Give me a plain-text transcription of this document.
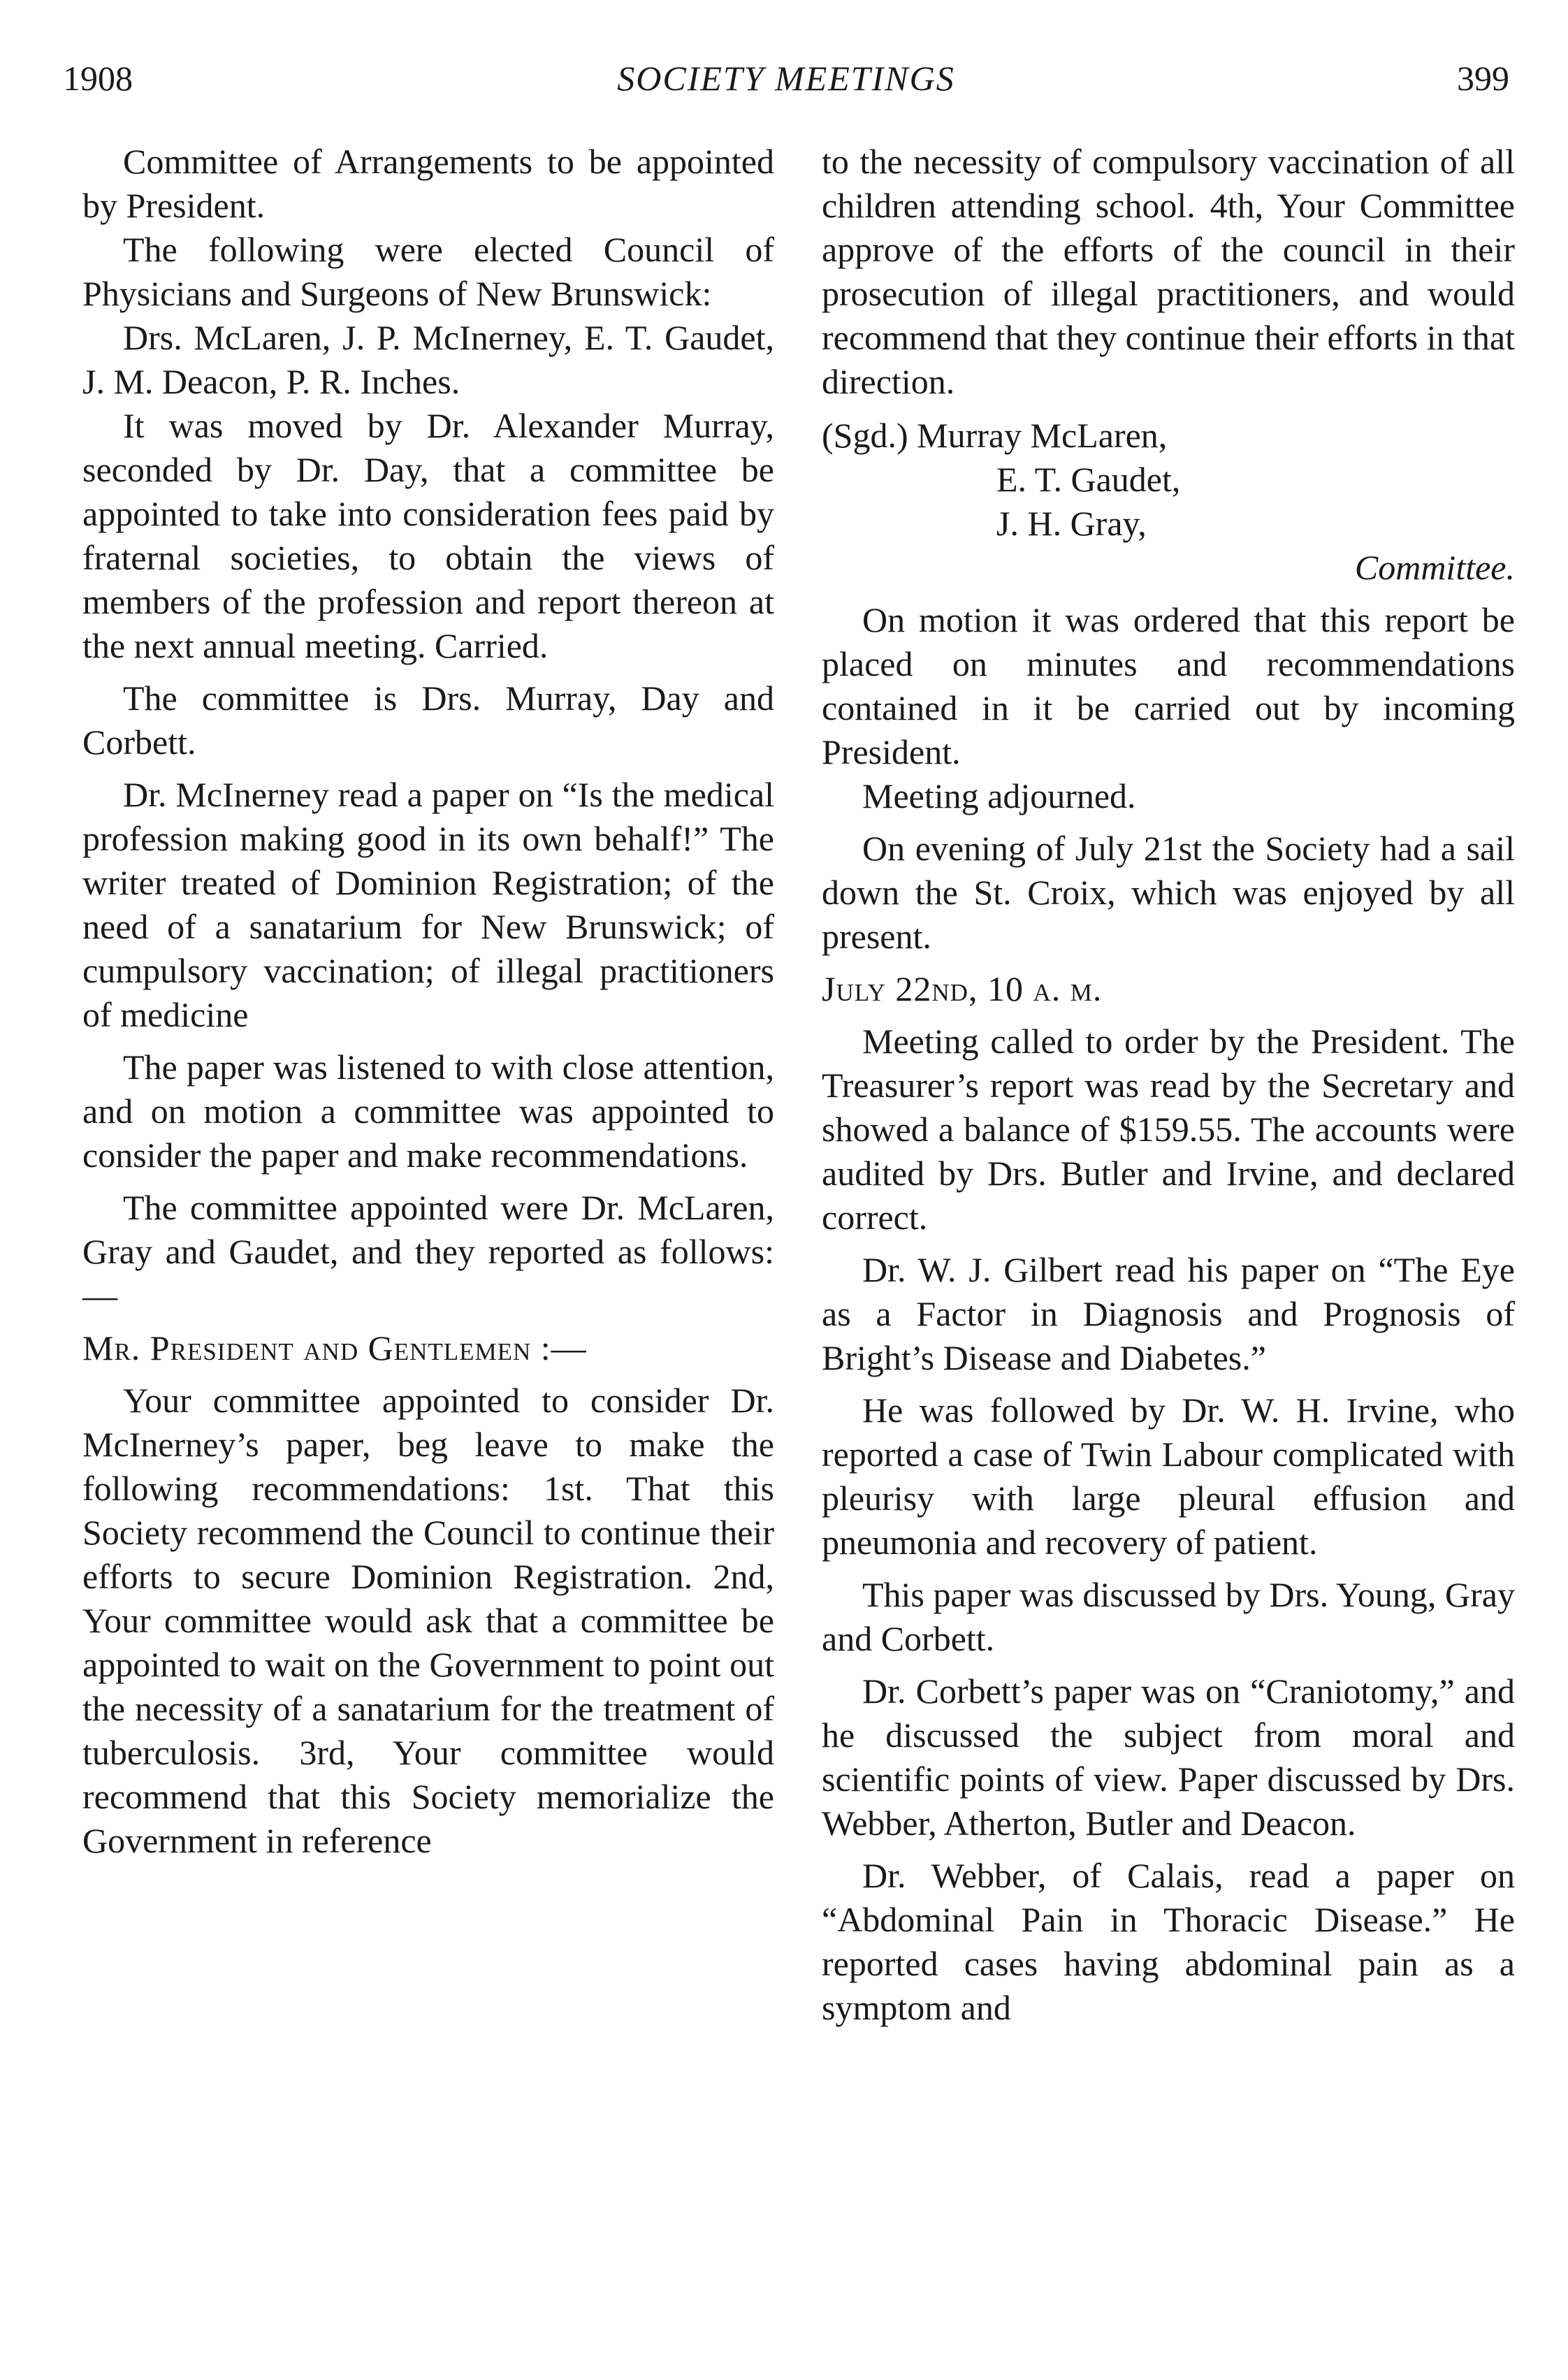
1908	SOCIETY MEETINGS	399

Committee of Arrangements to be appointed by President.

The following were elected Council of Physicians and Surgeons of New Brunswick:

Drs. McLaren, J. P. McInerney, E. T. Gaudet, J. M. Deacon, P. R. Inches.

It was moved by Dr. Alexander Murray, seconded by Dr. Day, that a committee be appointed to take into consideration fees paid by fraternal societies, to obtain the views of members of the profession and report thereon at the next annual meeting. Carried.

The committee is Drs. Murray, Day and Corbett.

Dr. McInerney read a paper on “Is the medical profession making good in its own behalf!” The writer treated of Dominion Registration; of the need of a sanatarium for New Brunswick; of cumpulsory vaccination; of illegal practitioners of medicine

The paper was listened to with close attention, and on motion a committee was appointed to consider the paper and make recommendations.

The committee appointed were Dr. McLaren, Gray and Gaudet, and they reported as follows:—

Mr. President and Gentlemen :—

Your committee appointed to consider Dr. McInerney’s paper, beg leave to make the following recommendations: 1st. That this Society recommend the Council to continue their efforts to secure Dominion Registration. 2nd, Your committee would ask that a committee be appointed to wait on the Government to point out the necessity of a sanatarium for the treatment of tuberculosis. 3rd, Your committee would recommend that this Society memorialize the Government in reference

to the necessity of compulsory vaccination of all children attending school. 4th, Your Committee approve of the efforts of the council in their prosecution of illegal practitioners, and would recommend that they continue their efforts in that direction.

(Sgd.) Murray McLaren,

E. T. Gaudet,

J. H. Gray,

Committee.

On motion it was ordered that this report be placed on minutes and recommendations contained in it be carried out by incoming President.

Meeting adjourned.

On evening of July 21st the Society had a sail down the St. Croix, which was enjoyed by all present.

July 22nd, 10 a. m.

Meeting called to order by the President. The Treasurer’s report was read by the Secretary and showed a balance of $159.55. The accounts were audited by Drs. Butler and Irvine, and declared correct.

Dr. W. J. Gilbert read his paper on “The Eye as a Factor in Diagnosis and Prognosis of Bright’s Disease and Diabetes.”

He was followed by Dr. W. H. Irvine, who reported a case of Twin Labour complicated with pleurisy with large pleural effusion and pneumonia and recovery of patient.

This paper was discussed by Drs. Young, Gray and Corbett.

Dr. Corbett’s paper was on “Craniotomy,” and he discussed the subject from moral and scientific points of view. Paper discussed by Drs. Webber, Atherton, Butler and Deacon.

Dr. Webber, of Calais, read a paper on “Abdominal Pain in Thoracic Disease.” He reported cases having abdominal pain as a symptom and
